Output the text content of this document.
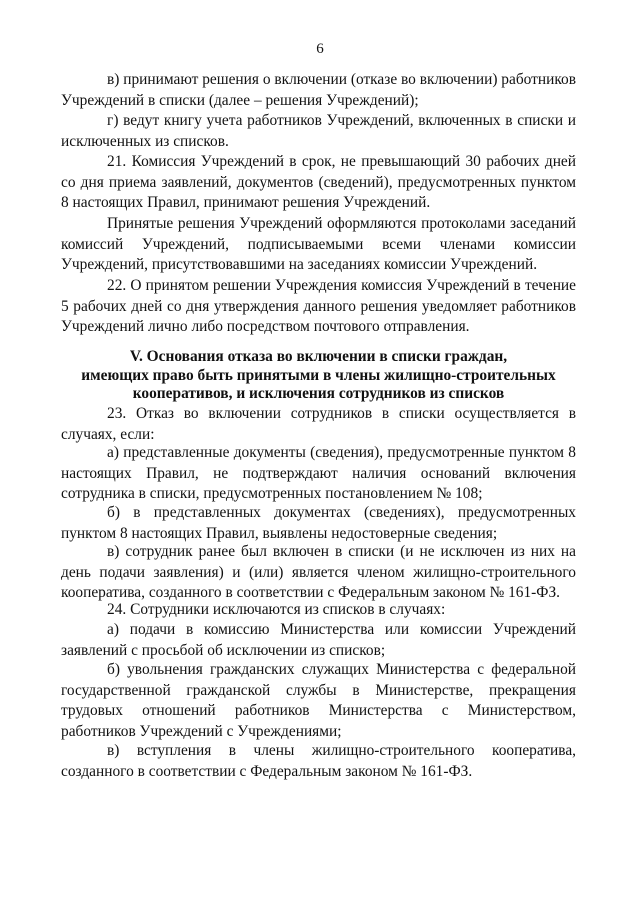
6

в) принимают решения о включении (отказе во включении) работников Учреждений в списки (далее – решения Учреждений);

г) ведут книгу учета работников Учреждений, включенных в списки и исключенных из списков.

21. Комиссия Учреждений в срок, не превышающий 30 рабочих дней со дня приема заявлений, документов (сведений), предусмотренных пунктом 8 настоящих Правил, принимают решения Учреждений.

Принятые решения Учреждений оформляются протоколами заседаний комиссий Учреждений, подписываемыми всеми членами комиссии Учреждений, присутствовавшими на заседаниях комиссии Учреждений.

22. О принятом решении Учреждения комиссия Учреждений в течение 5 рабочих дней со дня утверждения данного решения уведомляет работников Учреждений лично либо посредством почтового отправления.

V. Основания отказа во включении в списки граждан,
имеющих право быть принятыми в члены жилищно-строительных
кооперативов, и исключения сотрудников из списков

23. Отказ во включении сотрудников в списки осуществляется в случаях, если:

а) представленные документы (сведения), предусмотренные пунктом 8 настоящих Правил, не подтверждают наличия оснований включения сотрудника в списки, предусмотренных постановлением № 108;

б) в представленных документах (сведениях), предусмотренных пунктом 8 настоящих Правил, выявлены недостоверные сведения;

в) сотрудник ранее был включен в списки (и не исключен из них на день подачи заявления) и (или) является членом жилищно-строительного кооператива, созданного в соответствии с Федеральным законом № 161-ФЗ.

24. Сотрудники исключаются из списков в случаях:

а) подачи в комиссию Министерства или комиссии Учреждений заявлений с просьбой об исключении из списков;

б) увольнения гражданских служащих Министерства с федеральной государственной гражданской службы в Министерстве, прекращения трудовых отношений работников Министерства с Министерством, работников Учреждений с Учреждениями;

в) вступления в члены жилищно-строительного кооператива, созданного в соответствии с Федеральным законом № 161-ФЗ.
